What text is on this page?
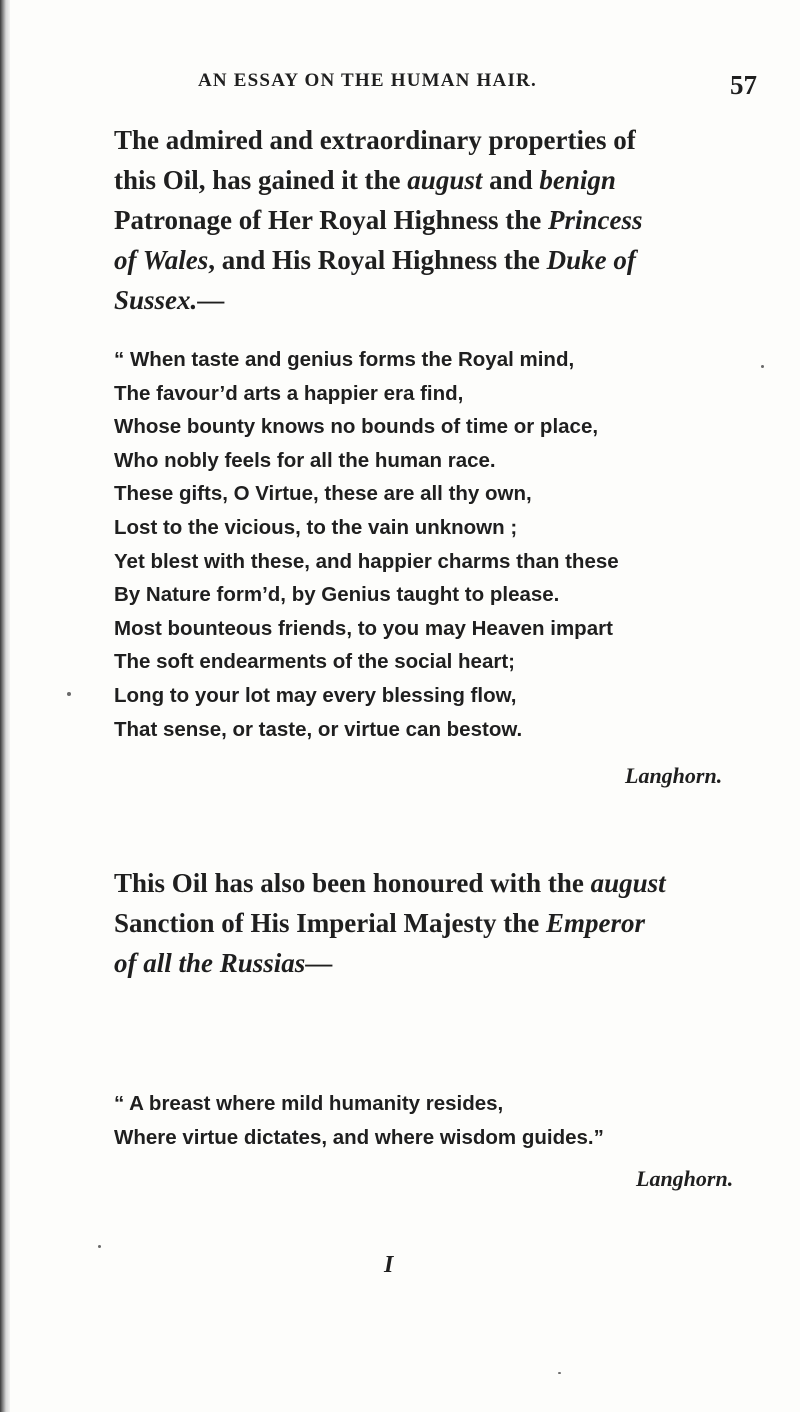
AN ESSAY ON THE HUMAN HAIR.	57
The admired and extraordinary properties of
this Oil, has gained it the august and benign
Patronage of Her Royal Highness the Princess
of Wales, and His Royal Highness the Duke of
Sussex.—
“ When taste and genius forms the Royal mind,
The favour’d arts a happier era find,
Whose bounty knows no bounds of time or place,
Who nobly feels for all the human race.
These gifts, O Virtue, these are all thy own,
Lost to the vicious, to the vain unknown ;
Yet blest with these, and happier charms than these
By Nature form’d, by Genius taught to please.
Most bounteous friends, to you may Heaven impart
The soft endearments of the social heart;
Long to your lot may every blessing flow,
That sense, or taste, or virtue can bestow.
Langhorn.
This Oil has also been honoured with the august
Sanction of His Imperial Majesty the Emperor
of all the Russias—
“ A breast where mild humanity resides,
Where virtue dictates, and where wisdom guides.”
Langhorn.
I
